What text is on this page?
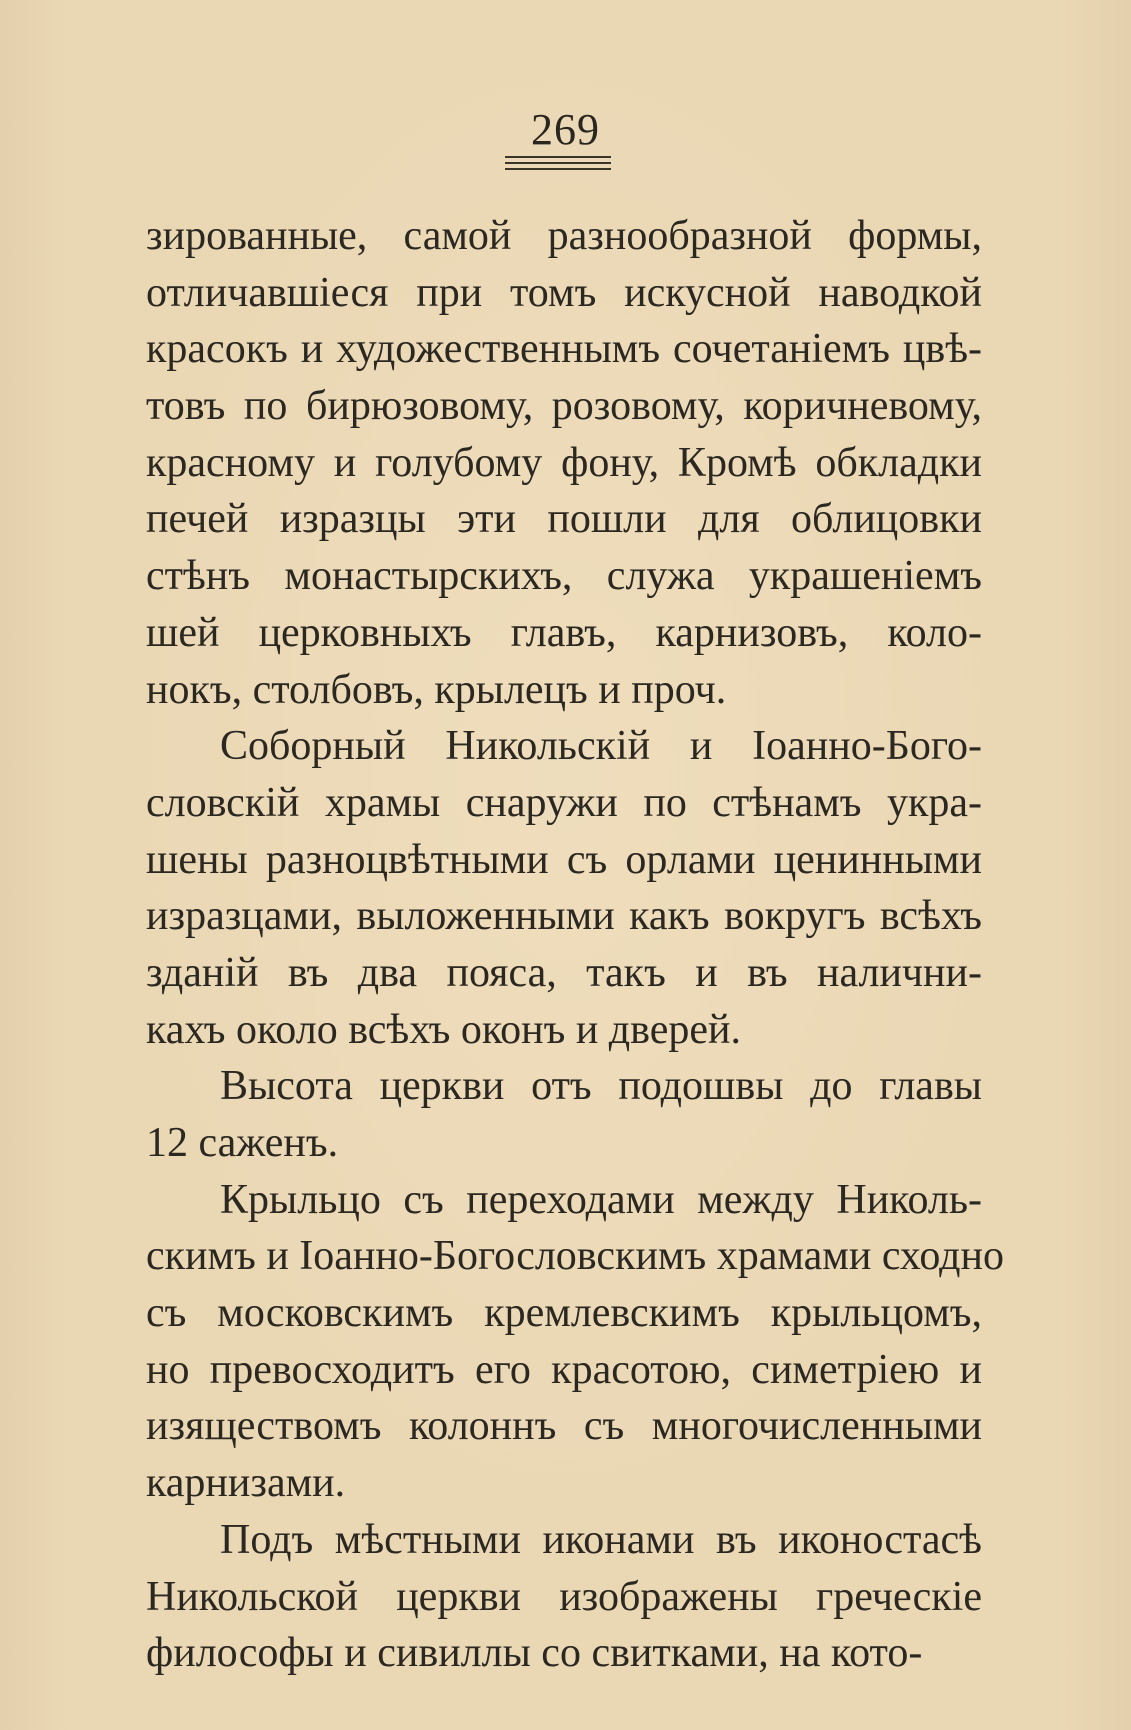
269
зированные, самой разнообразной формы,
отличавшіеся при томъ искусной наводкой
красокъ и художественнымъ сочетаніемъ цвѣ-
товъ по бирюзовому, розовому, коричневому,
красному и голубому фону, Кромѣ обкладки
печей изразцы эти пошли для облицовки
стѣнъ монастырскихъ, служа украшеніемъ
шей церковныхъ главъ, карнизовъ, коло-
нокъ, столбовъ, крылецъ и проч.
Соборный Никольскій и Іоанно-Бого-
словскій храмы снаружи по стѣнамъ укра-
шены разноцвѣтными съ орлами ценинными
изразцами, выложенными какъ вокругъ всѣхъ
зданій въ два пояса, такъ и въ налични-
кахъ около всѣхъ оконъ и дверей.
Высота церкви отъ подошвы до главы
12 саженъ.
Крыльцо съ переходами между Николь-
скимъ и Іоанно-Богословскимъ храмами сходно
съ московскимъ кремлевскимъ крыльцомъ,
но превосходитъ его красотою, симетріею и
изяществомъ колоннъ съ многочисленными
карнизами.
Подъ мѣстными иконами въ иконостасѣ
Никольской церкви изображены греческіе
философы и сивиллы со свитками, на кото-
